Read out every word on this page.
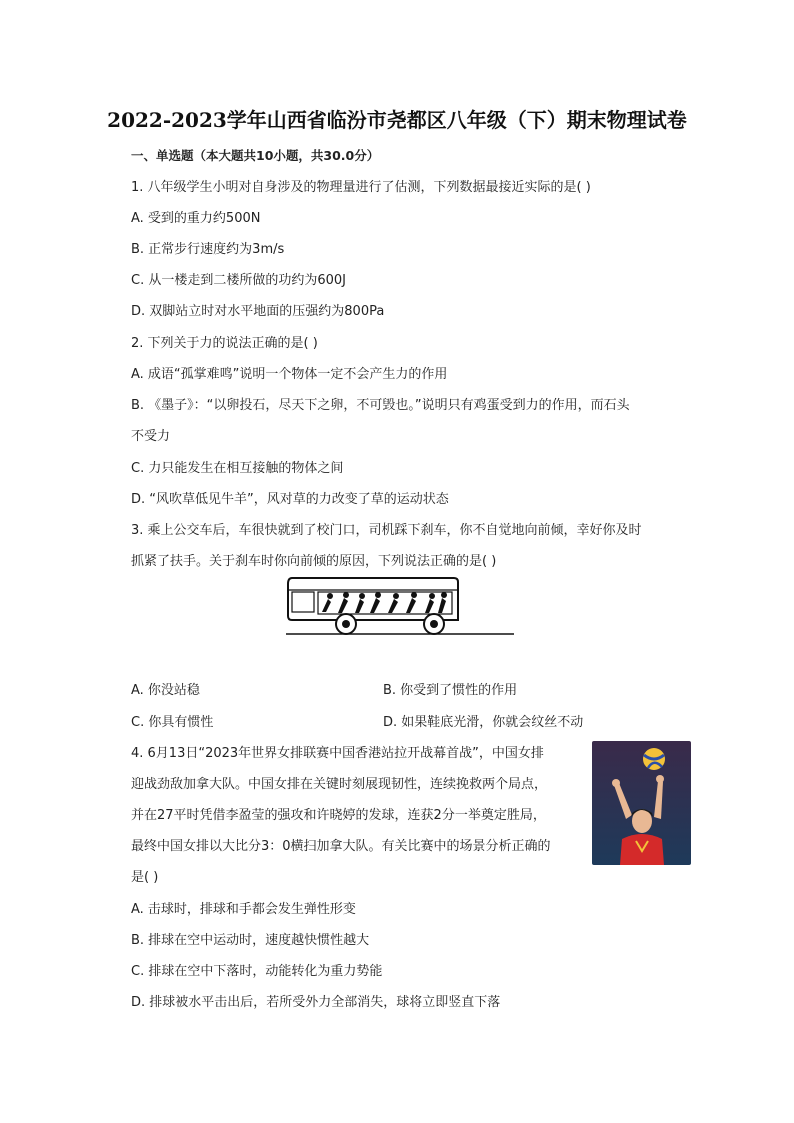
2022-2023学年山西省临汾市尧都区八年级（下）期末物理试卷
一、单选题（本大题共10小题，共30.0分）
1. 八年级学生小明对自身涉及的物理量进行了估测，下列数据最接近实际的是( )
A. 受到的重力约500N
B. 正常步行速度约为3m/s
C. 从一楼走到二楼所做的功约为600J
D. 双脚站立时对水平地面的压强约为800Pa
2. 下列关于力的说法正确的是( )
A. 成语“孤掌难鸣”说明一个物体一定不会产生力的作用
B. 《墨子》：“以卵投石，尽天下之卵，不可毁也。”说明只有鸡蛋受到力的作用，而石头
不受力
C. 力只能发生在相互接触的物体之间
D. “风吹草低见牛羊”，风对草的力改变了草的运动状态
3. 乘上公交车后，车很快就到了校门口，司机踩下刹车，你不自觉地向前倾，幸好你及时
抓紧了扶手。关于刹车时你向前倾的原因，下列说法正确的是( )
A. 你没站稳	B. 你受到了惯性的作用
C. 你具有惯性	D. 如果鞋底光滑，你就会纹丝不动
4. 6月13日“2023年世界女排联赛中国香港站拉开战幕首战”，中国女排
迎战劲敌加拿大队。中国女排在关键时刻展现韧性，连续挽救两个局点，
并在27平时凭借李盈莹的强攻和许晓婷的发球，连获2分一举奠定胜局，
最终中国女排以大比分3：0横扫加拿大队。有关比赛中的场景分析正确的
是( )
A. 击球时，排球和手都会发生弹性形变
B. 排球在空中运动时，速度越快惯性越大
C. 排球在空中下落时，动能转化为重力势能
D. 排球被水平击出后，若所受外力全部消失，球将立即竖直下落
